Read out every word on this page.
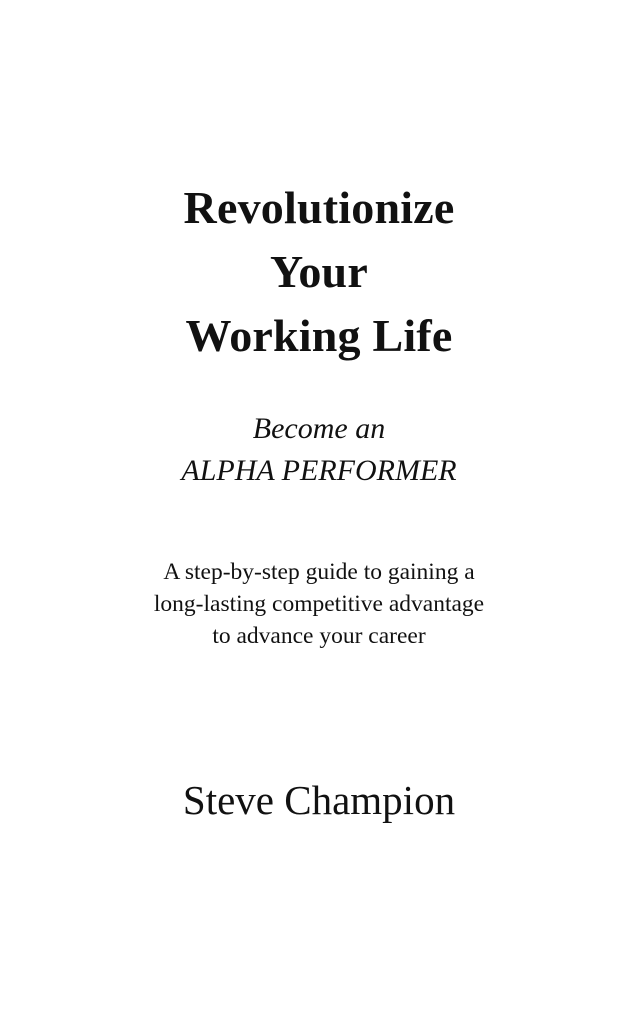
Revolutionize
Your
Working Life
Become an
ALPHA PERFORMER
A step-by-step guide to gaining a
long-lasting competitive advantage
to advance your career
Steve Champion
